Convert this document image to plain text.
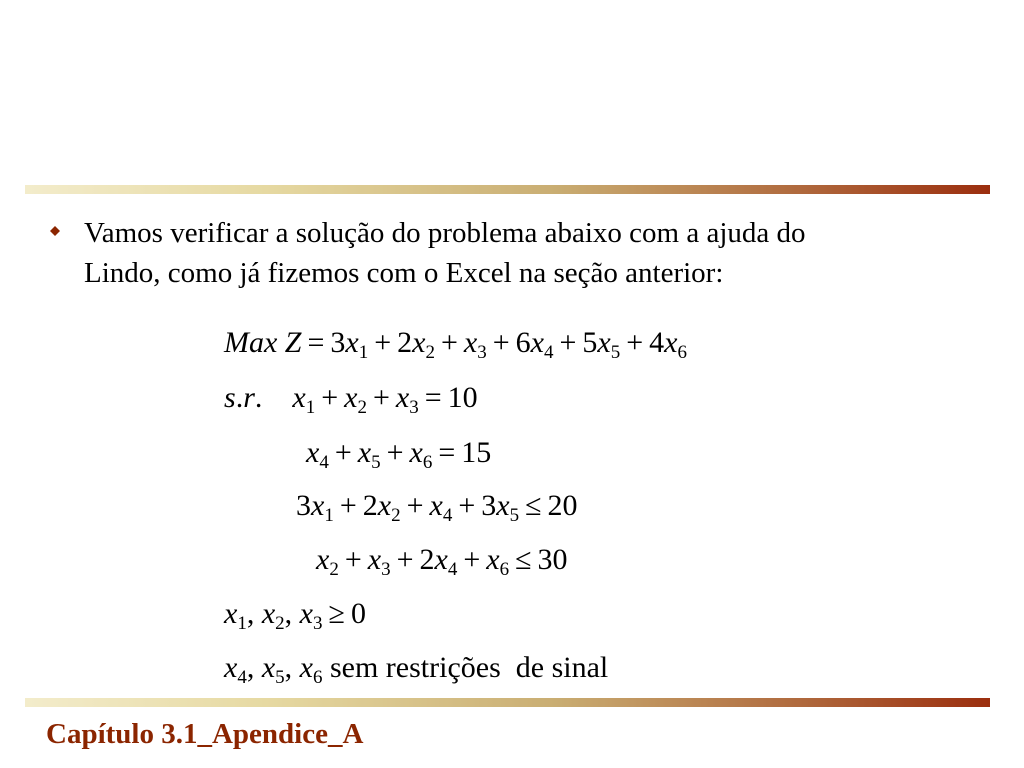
Vamos verificar a solução do problema abaixo com a ajuda do
Lindo, como já fizemos com o Excel na seção anterior:
Max $Z = 3x_1 + 2x_2 + x_3 + 6x_4 + 5x_5 + 4x_6$
s.r.    $x_1 + x_2 + x_3 = 10$
$x_4 + x_5 + x_6 = 15$
$3x_1 + 2x_2 + x_4 + 3x_5 \le 20$
$x_2 + x_3 + 2x_4 + x_6 \le 30$
$x_1$, $x_2$, $x_3 \ge 0$
$x_4$, $x_5$, $x_6$ sem restrições  de sinal
Capítulo 3.1_Apendice_A
